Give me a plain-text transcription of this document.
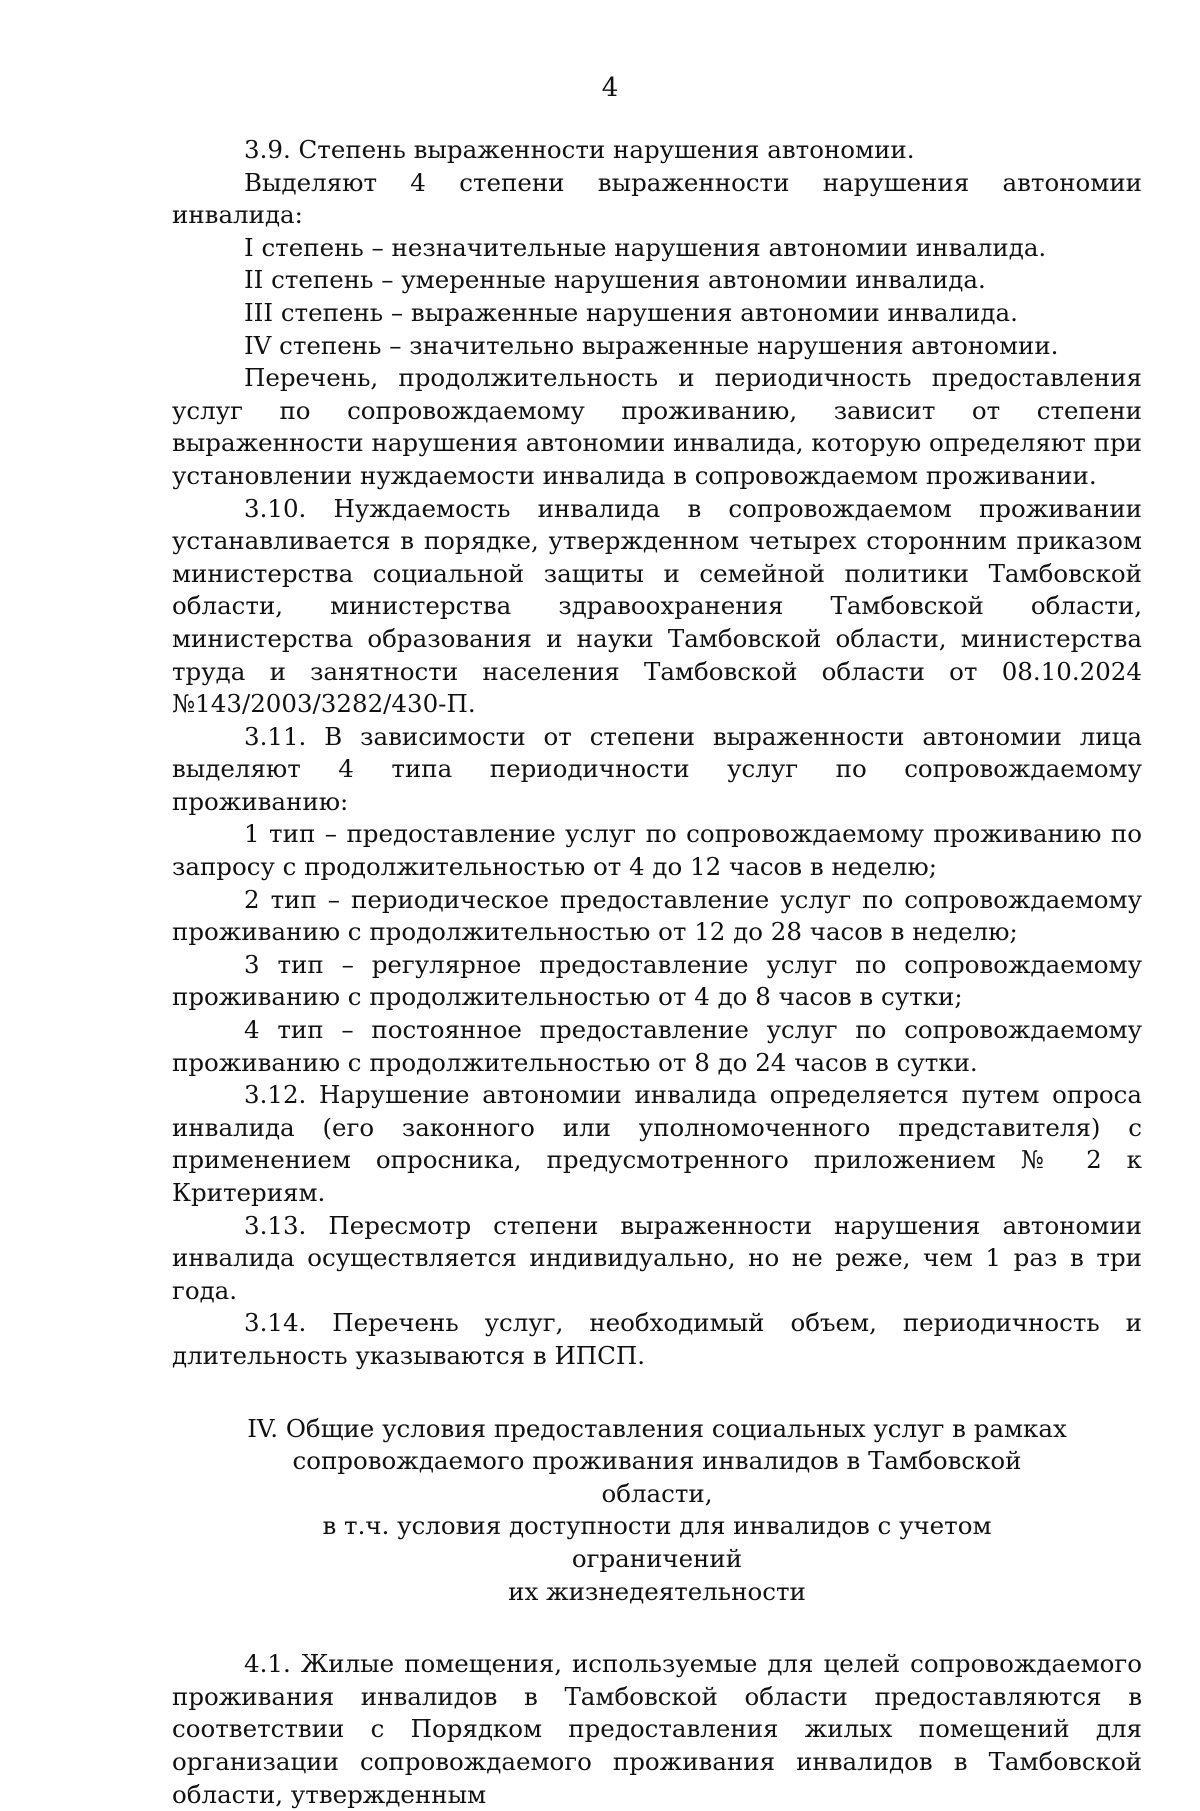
4

3.9. Степень выраженности нарушения автономии.

Выделяют 4 степени выраженности нарушения автономии инвалида:

I степень – незначительные нарушения автономии инвалида.

II степень – умеренные нарушения автономии инвалида.

III степень – выраженные нарушения автономии инвалида.

IV степень – значительно выраженные нарушения автономии.

Перечень, продолжительность и периодичность предоставления услуг по сопровождаемому проживанию, зависит от степени выраженности нарушения автономии инвалида, которую определяют при установлении нуждаемости инвалида в сопровождаемом проживании.

3.10. Нуждаемость инвалида в сопровождаемом проживании устанавливается в порядке, утвержденном четырех сторонним приказом министерства социальной защиты и семейной политики Тамбовской области, министерства здравоохранения Тамбовской области, министерства образования и науки Тамбовской области, министерства труда и занятности населения Тамбовской области от 08.10.2024 №143/2003/3282/430-П.

3.11. В зависимости от степени выраженности автономии лица выделяют 4 типа периодичности услуг по сопровождаемому проживанию:

1 тип – предоставление услуг по сопровождаемому проживанию по запросу с продолжительностью от 4 до 12 часов в неделю;

2 тип – периодическое предоставление услуг по сопровождаемому проживанию с продолжительностью от 12 до 28 часов в неделю;

3 тип – регулярное предоставление услуг по сопровождаемому проживанию с продолжительностью от 4 до 8 часов в сутки;

4 тип – постоянное предоставление услуг по сопровождаемому проживанию с продолжительностью от 8 до 24 часов в сутки.

3.12. Нарушение автономии инвалида определяется путем опроса инвалида (его законного или уполномоченного представителя) с применением опросника, предусмотренного приложением № 2 к Критериям.

3.13. Пересмотр степени выраженности нарушения автономии инвалида осуществляется индивидуально, но не реже, чем 1 раз в три года.

3.14. Перечень услуг, необходимый объем, периодичность и длительность указываются в ИПСП.

IV. Общие условия предоставления социальных услуг в рамках
сопровождаемого проживания инвалидов в Тамбовской области,
в т.ч. условия доступности для инвалидов с учетом ограничений
их жизнедеятельности

4.1. Жилые помещения, используемые для целей сопровождаемого проживания инвалидов в Тамбовской области предоставляются в соответствии с Порядком предоставления жилых помещений для организации сопровождаемого проживания инвалидов в Тамбовской области, утвержденным
